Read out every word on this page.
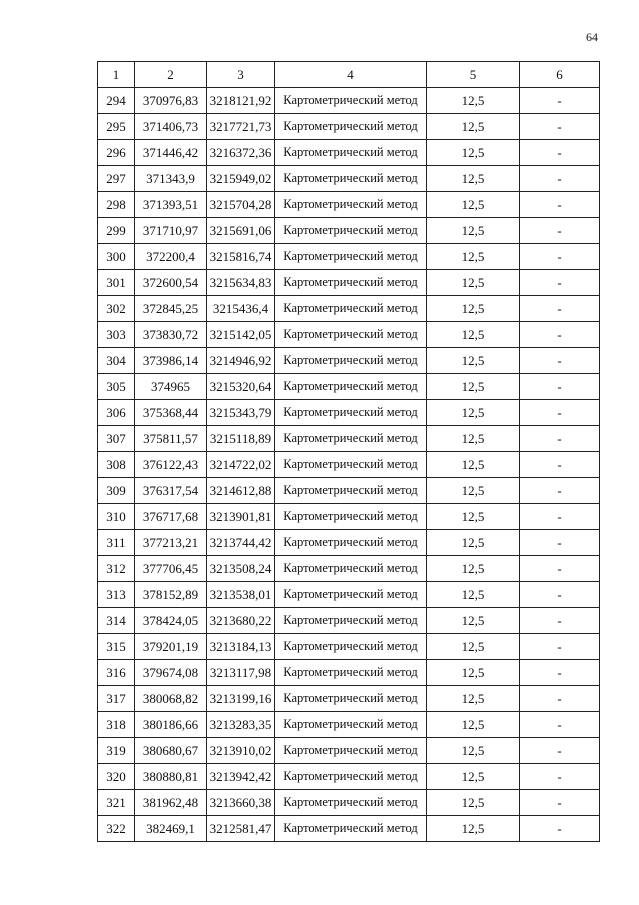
64
1	2	3	4	5	6
294	370976,83	3218121,92	Картометрический метод	12,5	-
295	371406,73	3217721,73	Картометрический метод	12,5	-
296	371446,42	3216372,36	Картометрический метод	12,5	-
297	371343,9	3215949,02	Картометрический метод	12,5	-
298	371393,51	3215704,28	Картометрический метод	12,5	-
299	371710,97	3215691,06	Картометрический метод	12,5	-
300	372200,4	3215816,74	Картометрический метод	12,5	-
301	372600,54	3215634,83	Картометрический метод	12,5	-
302	372845,25	3215436,4	Картометрический метод	12,5	-
303	373830,72	3215142,05	Картометрический метод	12,5	-
304	373986,14	3214946,92	Картометрический метод	12,5	-
305	374965	3215320,64	Картометрический метод	12,5	-
306	375368,44	3215343,79	Картометрический метод	12,5	-
307	375811,57	3215118,89	Картометрический метод	12,5	-
308	376122,43	3214722,02	Картометрический метод	12,5	-
309	376317,54	3214612,88	Картометрический метод	12,5	-
310	376717,68	3213901,81	Картометрический метод	12,5	-
311	377213,21	3213744,42	Картометрический метод	12,5	-
312	377706,45	3213508,24	Картометрический метод	12,5	-
313	378152,89	3213538,01	Картометрический метод	12,5	-
314	378424,05	3213680,22	Картометрический метод	12,5	-
315	379201,19	3213184,13	Картометрический метод	12,5	-
316	379674,08	3213117,98	Картометрический метод	12,5	-
317	380068,82	3213199,16	Картометрический метод	12,5	-
318	380186,66	3213283,35	Картометрический метод	12,5	-
319	380680,67	3213910,02	Картометрический метод	12,5	-
320	380880,81	3213942,42	Картометрический метод	12,5	-
321	381962,48	3213660,38	Картометрический метод	12,5	-
322	382469,1	3212581,47	Картометрический метод	12,5	-
